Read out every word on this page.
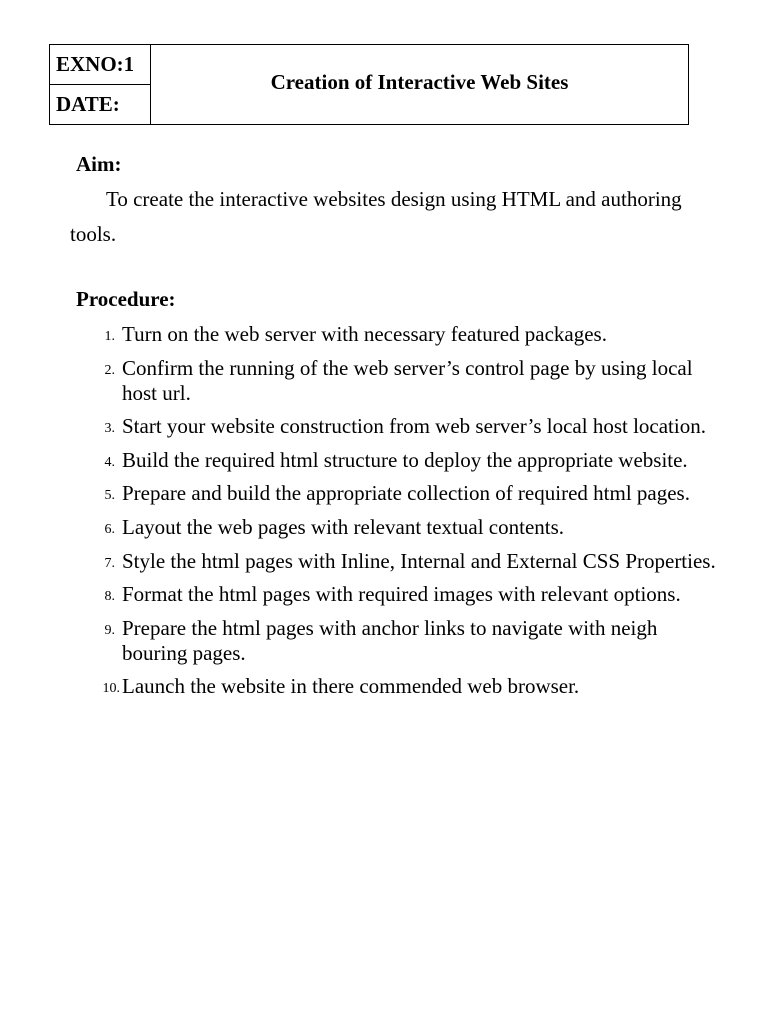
EXNO:1
DATE:
Creation of Interactive Web Sites
Aim:

To create the interactive websites design using HTML and authoring tools.

Procedure:
1. Turn on the web server with necessary featured packages.
2. Confirm the running of the web server’s control page by using local host url.
3. Start your website construction from web server’s local host location.
4. Build the required html structure to deploy the appropriate website.
5. Prepare and build the appropriate collection of required html pages.
6. Layout the web pages with relevant textual contents.
7. Style the html pages with Inline, Internal and External CSS Properties.
8. Format the html pages with required images with relevant options.
9. Prepare the html pages with anchor links to navigate with neigh bouring pages.
10. Launch the website in there commended web browser.
